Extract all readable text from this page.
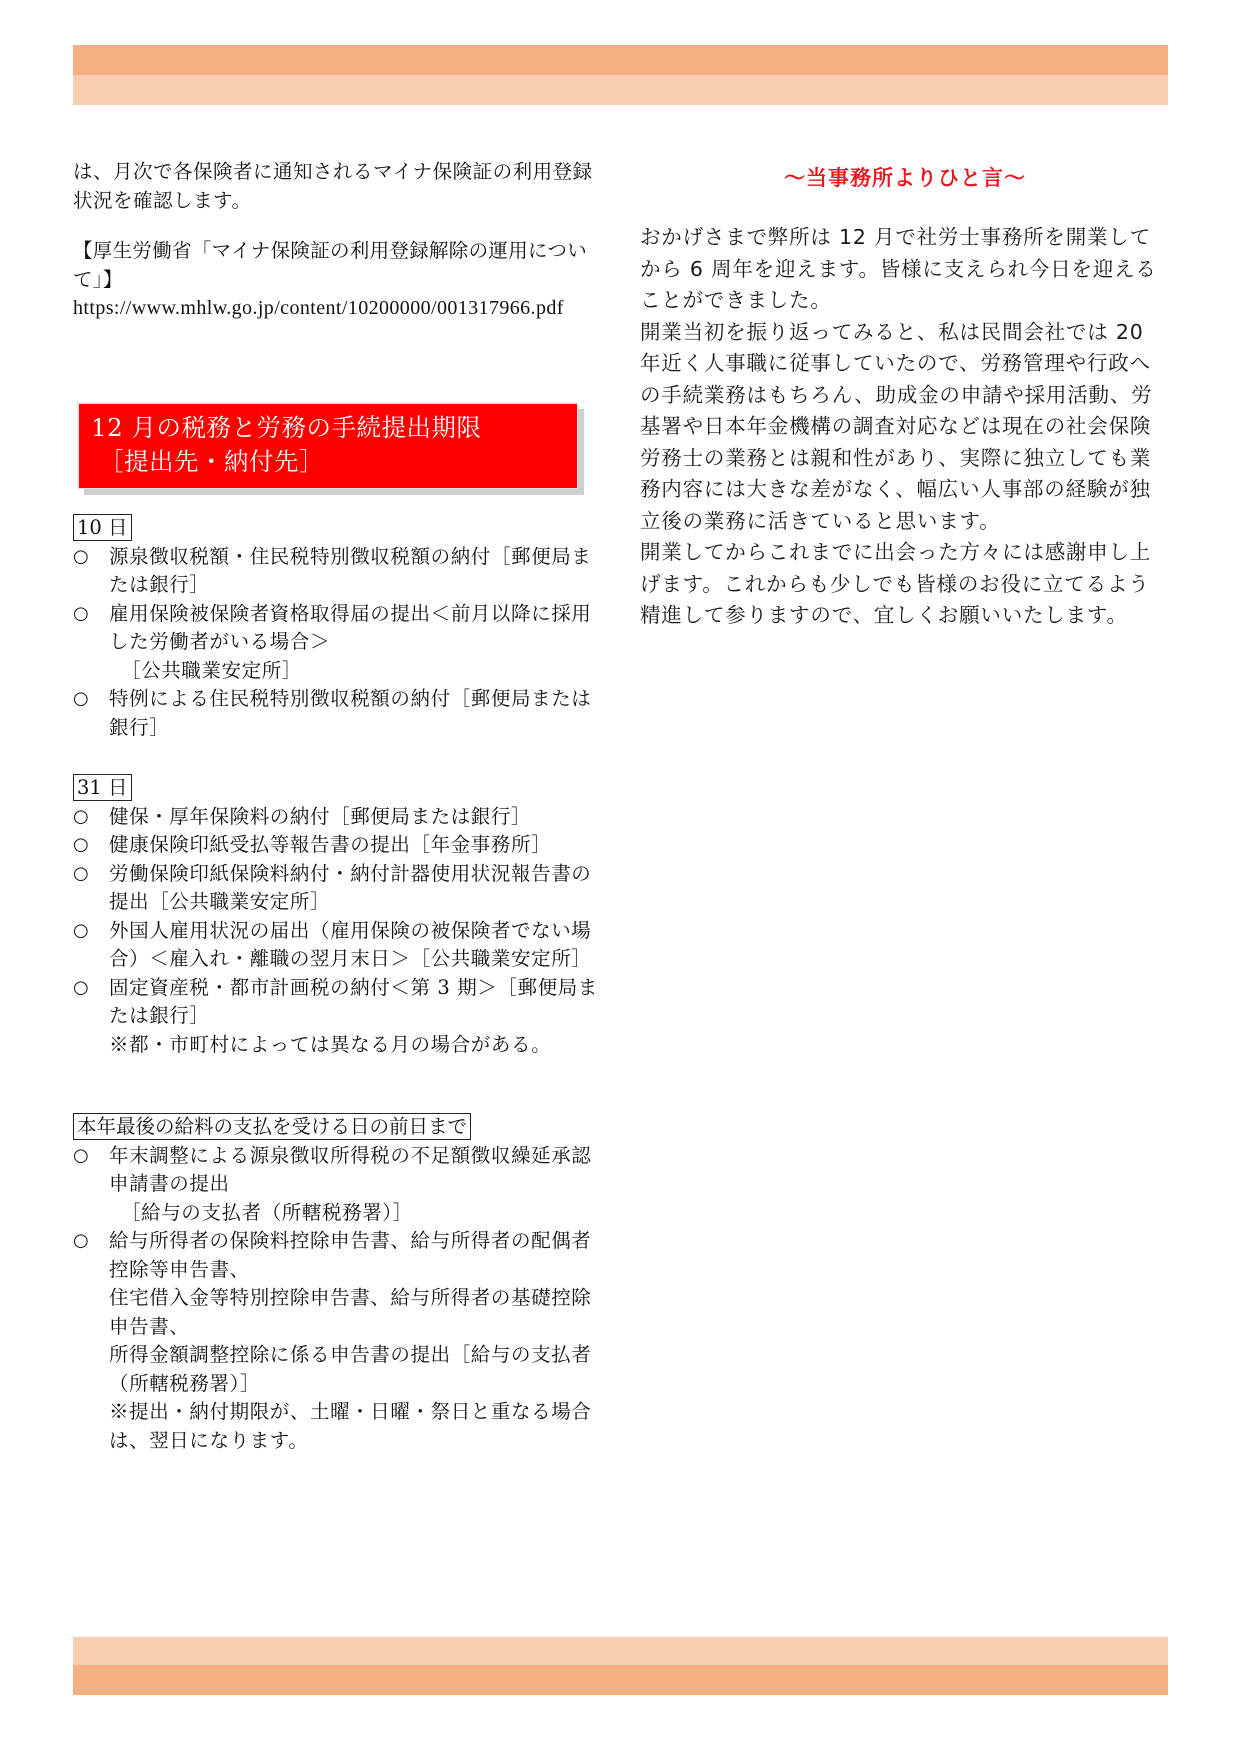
は、月次で各保険者に通知されるマイナ保険証の利用登録状況を確認します。

【厚生労働省「マイナ保険証の利用登録解除の運用について」】

https://www.mhlw.go.jp/content/10200000/001317966.pdf

12 月の税務と労務の手続提出期限
［提出先・納付先］
10 日
○ 源泉徴収税額・住民税特別徴収税額の納付［郵便局または銀行］
○ 雇用保険被保険者資格取得届の提出＜前月以降に採用した労働者がいる場合＞
［公共職業安定所］
○ 特例による住民税特別徴収税額の納付［郵便局または銀行］
31 日
○ 健保・厚年保険料の納付［郵便局または銀行］
○ 健康保険印紙受払等報告書の提出［年金事務所］
○ 労働保険印紙保険料納付・納付計器使用状況報告書の提出［公共職業安定所］
○ 外国人雇用状況の届出（雇用保険の被保険者でない場合）＜雇入れ・離職の翌月末日＞［公共職業安定所］
○ 固定資産税・都市計画税の納付＜第 3 期＞［郵便局または銀行］
※都・市町村によっては異なる月の場合がある。
本年最後の給料の支払を受ける日の前日まで
○ 年末調整による源泉徴収所得税の不足額徴収繰延承認申請書の提出
［給与の支払者（所轄税務署）］
○ 給与所得者の保険料控除申告書、給与所得者の配偶者控除等申告書、
住宅借入金等特別控除申告書、給与所得者の基礎控除申告書、
所得金額調整控除に係る申告書の提出［給与の支払者（所轄税務署）］
※提出・納付期限が、土曜・日曜・祭日と重なる場合は、翌日になります。
～当事務所よりひと言～

おかげさまで弊所は 12 月で社労士事務所を開業してから 6 周年を迎えます。皆様に支えられ今日を迎えることができました。

開業当初を振り返ってみると、私は民間会社では 20 年近く人事職に従事していたので、労務管理や行政への手続業務はもちろん、助成金の申請や採用活動、労基署や日本年金機構の調査対応などは現在の社会保険労務士の業務とは親和性があり、実際に独立しても業務内容には大きな差がなく、幅広い人事部の経験が独立後の業務に活きていると思います。

開業してからこれまでに出会った方々には感謝申し上げます。これからも少しでも皆様のお役に立てるよう精進して参りますので、宜しくお願いいたします。
